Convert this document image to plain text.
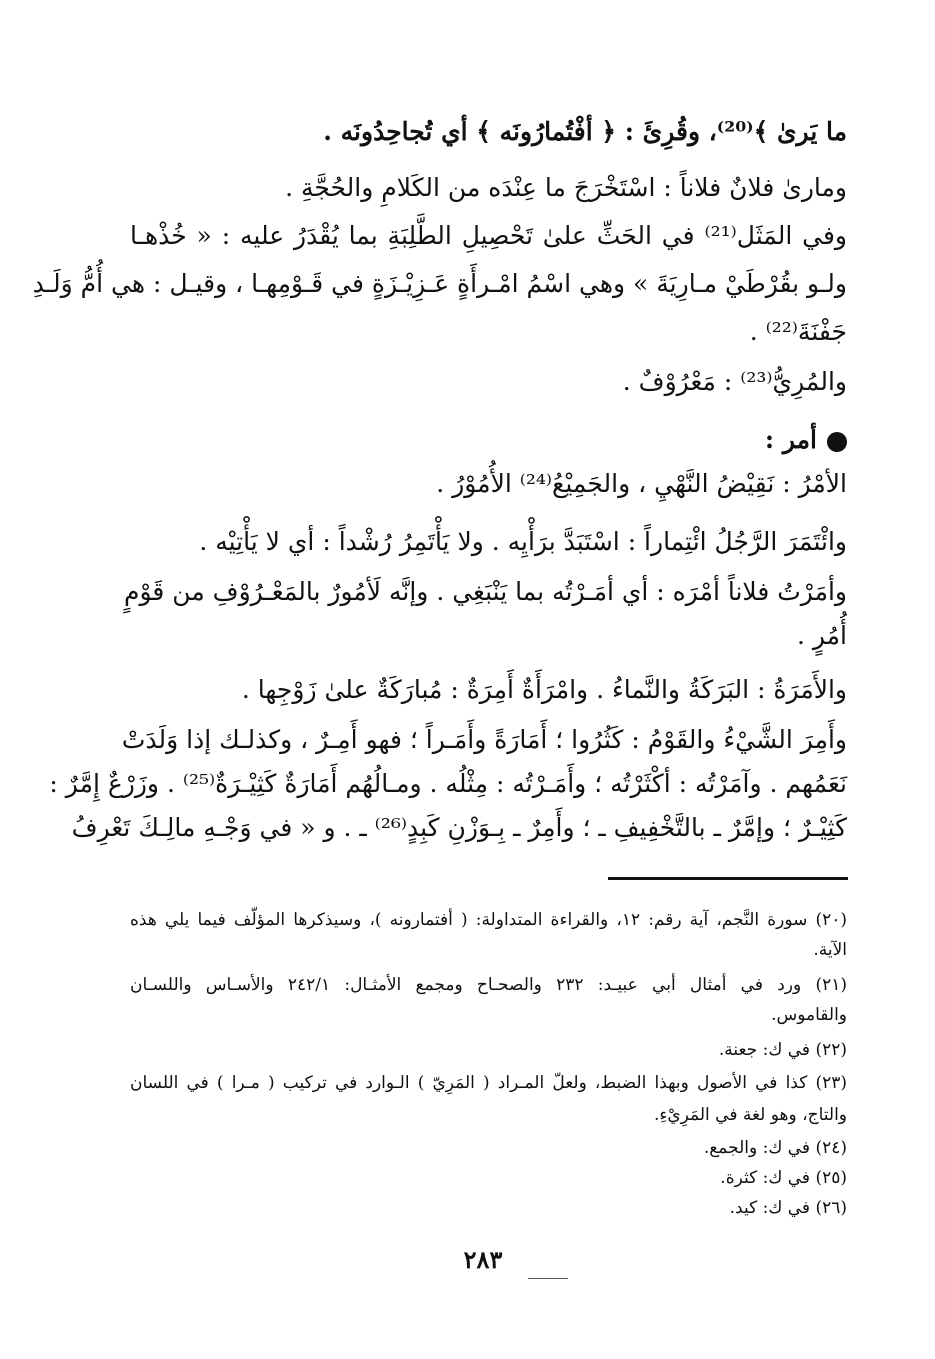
ما يَرىٰ ﴾⁽²⁰⁾، وقُرِئَ : ﴿ أفْتُمارُونَه ﴾ أي تُجاحِدُونَه .
ومارىٰ فلانٌ فلاناً : اسْتَخْرَجَ ما عِنْدَه من الكَلامِ والحُجَّةِ .
وفي المَثَل⁽²¹⁾ في الحَثِّ علىٰ تَحْصِيلِ الطَّلِبَةِ بما يُقْدَرُ عليه : « خُذْهـا
ولـو بقُرْطَيْ مـارِيَةَ » وهي اسْمُ امْـرأَةٍ عَـزِيْـزَةٍ في قَـوْمِهـا ، وقيـل : هي أُمُّ وَلَـدِ
جَفْنَةَ⁽²²⁾ .
والمُرِيُّ⁽²³⁾ : مَعْرُوْفٌ .
أمر :
الأمْرُ : نَقِيْضُ النَّهْيِ ، والجَمِيْعُ⁽²⁴⁾ الأُمُوْرُ .
وائْتَمَرَ الرَّجُلُ ائْتِماراً : اسْتَبَدَّ برَأْيِه . ولا يَأْتَمِرُ رُشْداً : أي لا يَأْتِيْه .
وأمَرْتُ فلاناً أمْرَه : أي أمَـرْتُه بما يَنْبَغِي . وإنَّه لَأمُورٌ بالمَعْـرُوْفِ من قَوْمٍ
أُمُرٍ .
والأَمَرَةُ : البَرَكَةُ والنَّماءُ . وامْرَأَةٌ أَمِرَةٌ : مُبارَكَةٌ علىٰ زَوْجِها .
وأَمِرَ الشَّيْءُ والقَوْمُ : كَثُرُوا ؛ أَمَارَةً وأَمَـراً ؛ فهو أَمِـرٌ ، وكذلـك إذا وَلَدَتْ
نَعَمُهم . وآمَرْتُه : أكْثَرْتُه ؛ وأَمَـرْتُه : مِثْلُه . ومـالُهُم أَمَارَةٌ كَثِيْـرَةٌ⁽²⁵⁾ . وزَرْعٌ إِمَّرٌ :
كَثِيْـرٌ ؛ وإمَّرٌ ـ بالتَّخْفِيفِ ـ ؛ وأَمِرٌ ـ بِـوَزْنِ كَبِدٍ⁽²⁶⁾ ـ . و « في وَجْـهِ مالِـكَ تَعْرِفُ
(٢٠) سورة النَّجم، آية رقم: ١٢، والقراءة المتداولة: ( أفتمارونه )، وسيذكرها المؤلّف فيما يلي هذه
الآية.
(٢١) ورد في أمثال أبي عبيـد: ٢٣٢ والصحـاح ومجمع الأمثـال: ٢٤٢/١ والأسـاس واللسـان
والقاموس.
(٢٢) في ك: جعنة.
(٢٣) كذا في الأصول وبهذا الضبط، ولعلّ المـراد ( المَرِيّ ) الـوارد في تركيب ( مـرا ) في اللسان
والتاج، وهو لغة في المَرِيْءِ.
(٢٤) في ك: والجمع.
(٢٥) في ك: كثرة.
(٢٦) في ك: كيد.
٢٨٣
